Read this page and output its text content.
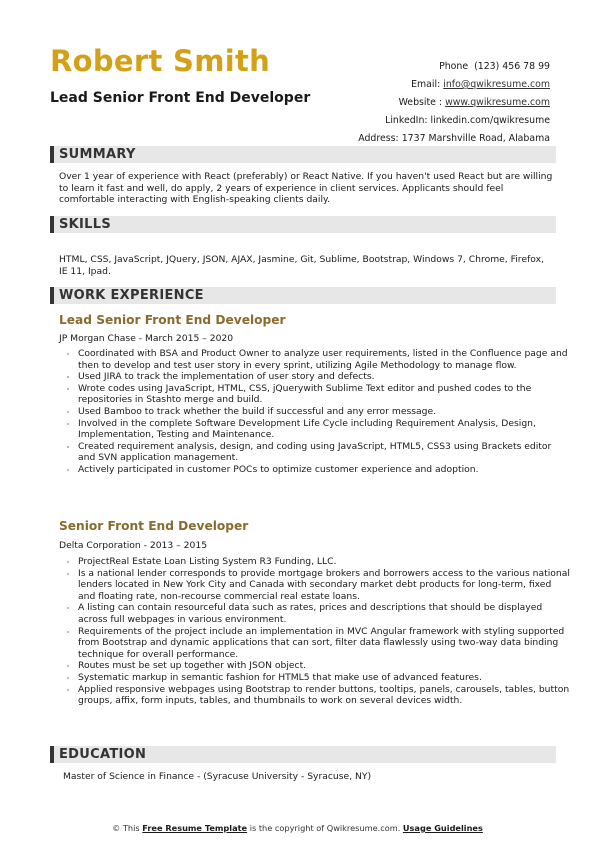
Robert Smith
Lead Senior Front End Developer
Phone (123) 456 78 99
Email: info@qwikresume.com
Website : www.qwikresume.com
LinkedIn: linkedin.com/qwikresume
Address: 1737 Marshville Road, Alabama
SUMMARY
Over 1 year of experience with React (preferably) or React Native. If you haven't used React but are willing to learn it fast and well, do apply, 2 years of experience in client services. Applicants should feel comfortable interacting with English-speaking clients daily.
SKILLS
HTML, CSS, JavaScript, JQuery, JSON, AJAX, Jasmine, Git, Sublime, Bootstrap, Windows 7, Chrome, Firefox, IE 11, Ipad.
WORK EXPERIENCE
Lead Senior Front End Developer
JP Morgan Chase - March 2015 – 2020
• Coordinated with BSA and Product Owner to analyze user requirements, listed in the Confluence page and then to develop and test user story in every sprint, utilizing Agile Methodology to manage flow.
• Used JIRA to track the implementation of user story and defects.
• Wrote codes using JavaScript, HTML, CSS, jQuerywith Sublime Text editor and pushed codes to the repositories in Stashto merge and build.
• Used Bamboo to track whether the build if successful and any error message.
• Involved in the complete Software Development Life Cycle including Requirement Analysis, Design, Implementation, Testing and Maintenance.
• Created requirement analysis, design, and coding using JavaScript, HTML5, CSS3 using Brackets editor and SVN application management.
• Actively participated in customer POCs to optimize customer experience and adoption.
Senior Front End Developer
Delta Corporation - 2013 – 2015
• ProjectReal Estate Loan Listing System R3 Funding, LLC.
• Is a national lender corresponds to provide mortgage brokers and borrowers access to the various national lenders located in New York City and Canada with secondary market debt products for long-term, fixed and floating rate, non-recourse commercial real estate loans.
• A listing can contain resourceful data such as rates, prices and descriptions that should be displayed across full webpages in various environment.
• Requirements of the project include an implementation in MVC Angular framework with styling supported from Bootstrap and dynamic applications that can sort, filter data flawlessly using two-way data binding technique for overall performance.
• Routes must be set up together with JSON object.
• Systematic markup in semantic fashion for HTML5 that make use of advanced features.
• Applied responsive webpages using Bootstrap to render buttons, tooltips, panels, carousels, tables, button groups, affix, form inputs, tables, and thumbnails to work on several devices width.
EDUCATION
Master of Science in Finance - (Syracuse University - Syracuse, NY)
© This Free Resume Template is the copyright of Qwikresume.com. Usage Guidelines
